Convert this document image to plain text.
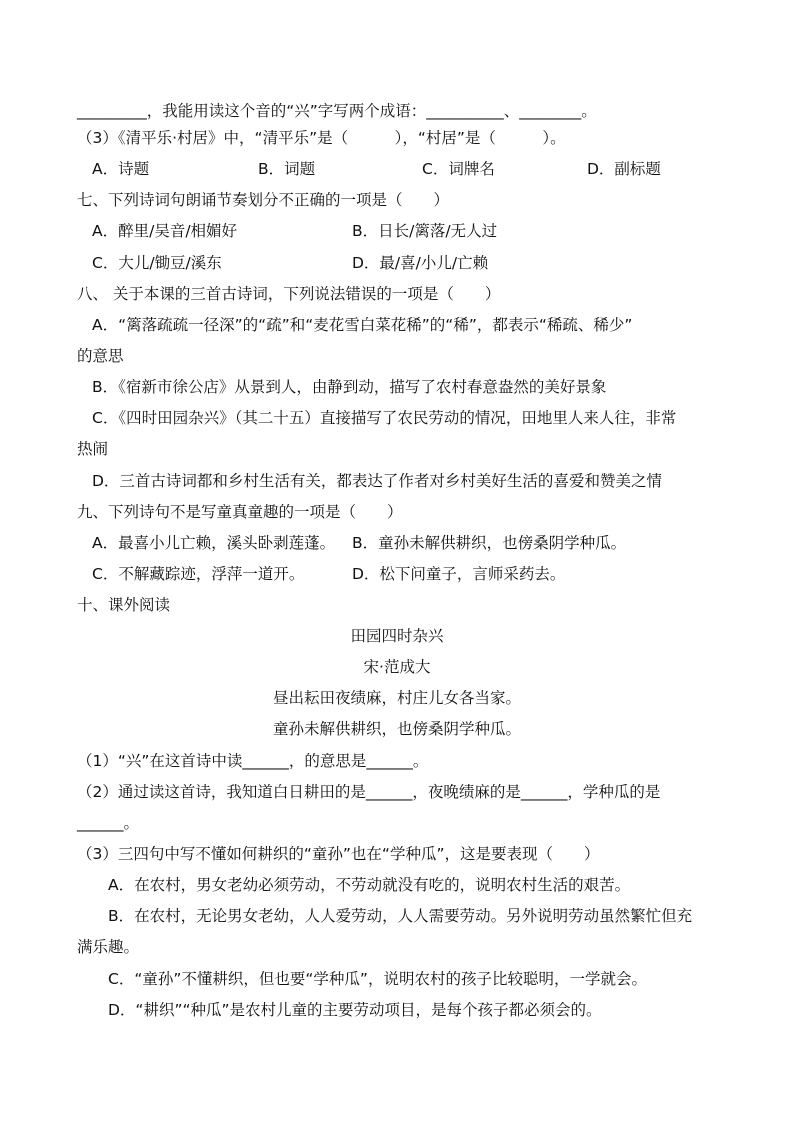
_________，我能用读这个音的“兴”字写两个成语：__________、________。
（3）《清平乐·村居》中，“清平乐”是（　　　），“村居”是（　　　）。
A．诗题	B．词题	C．词牌名	D．副标题
七、下列诗词句朗诵节奏划分不正确的一项是（　　）
A．醉里/吴音/相媚好	B．日长/篱落/无人过
C．大儿/锄豆/溪东	D．最/喜/小儿/亡赖
八、 关于本课的三首古诗词，下列说法错误的一项是（　　）
A．“篱落疏疏一径深”的“疏”和“麦花雪白菜花稀”的“稀”，都表示“稀疏、稀少”
的意思
B．《宿新市徐公店》从景到人，由静到动，描写了农村春意盎然的美好景象
C．《四时田园杂兴》（其二十五）直接描写了农民劳动的情况，田地里人来人往，非常
热闹
D．三首古诗词都和乡村生活有关，都表达了作者对乡村美好生活的喜爱和赞美之情
九、下列诗句不是写童真童趣的一项是（　　）
A．最喜小儿亡赖，溪头卧剥莲蓬。 B．童孙未解供耕织，也傍桑阴学种瓜。
C．不解藏踪迹，浮萍一道开。	D．松下问童子，言师采药去。
十、课外阅读
田园四时杂兴
宋·范成大
昼出耘田夜绩麻，村庄儿女各当家。
童孙未解供耕织，也傍桑阴学种瓜。
（1）“兴”在这首诗中读______，的意思是______。
（2）通过读这首诗，我知道白日耕田的是______，夜晚绩麻的是______，学种瓜的是
______。
（3）三四句中写不懂如何耕织的“童孙”也在“学种瓜”，这是要表现（　　）
A．在农村，男女老幼必须劳动，不劳动就没有吃的，说明农村生活的艰苦。
B．在农村，无论男女老幼，人人爱劳动，人人需要劳动。另外说明劳动虽然繁忙但充
满乐趣。
C．“童孙”不懂耕织，但也要“学种瓜”，说明农村的孩子比较聪明，一学就会。
D．“耕织”“种瓜”是农村儿童的主要劳动项目，是每个孩子都必须会的。
